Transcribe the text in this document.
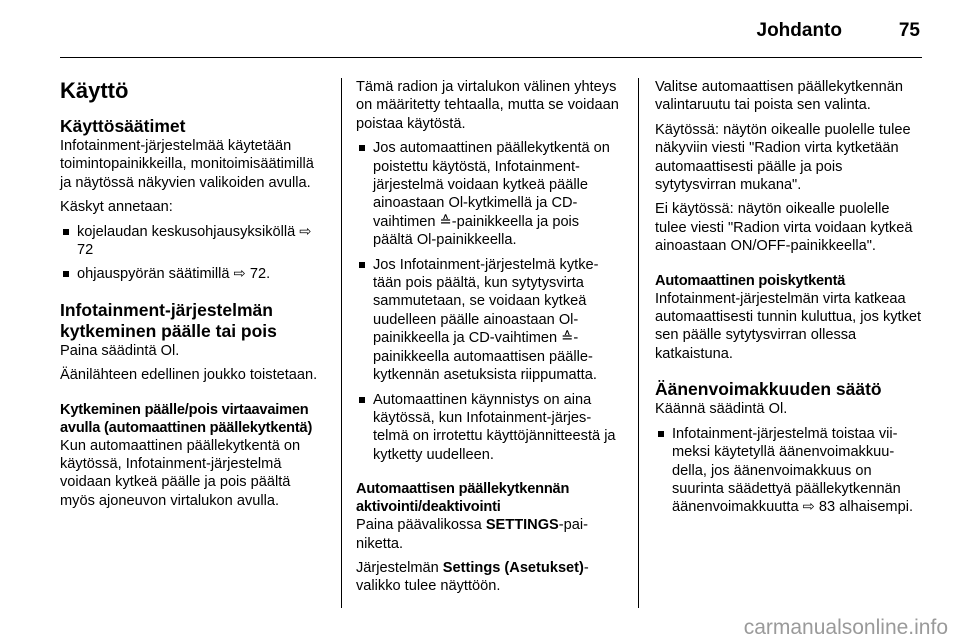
Johdanto	75
Käyttö
Käyttösäätimet

Infotainment-järjestelmää käytetään toimintopainikkeilla, monitoimisäätimillä ja näytössä näkyvien valikoiden avulla.

Käskyt annetaan:

kojelaudan keskusohjausyksiköllä ⇨ 72
ohjauspyörän säätimillä ⇨ 72.
Infotainment-järjestelmän kytkeminen päälle tai pois

Paina säädintä Ol.

Äänilähteen edellinen joukko toistetaan.

Kytkeminen päälle/pois virtaavaimen avulla (automaattinen päällekytkentä)

Kun automaattinen päällekytkentä on käytössä, Infotainment-järjestelmä voidaan kytkeä päälle ja pois päältä myös ajoneuvon virtalukon avulla.

Tämä radion ja virtalukon välinen yhteys on määritetty tehtaalla, mutta se voidaan poistaa käytöstä.

Jos automaattinen päällekytkentä on poistettu käytöstä, Infotainment-järjestelmä voidaan kytkeä päälle ainoastaan Ol-kytkimellä ja CD-vaihtimen ≙-painikkeella ja pois päältä Ol-painikkeella.
Jos Infotainment-järjestelmä kytketään pois päältä, kun sytytysvirta sammutetaan, se voidaan kytkeä uudelleen päälle ainoastaan Ol-painikkeella ja CD-vaihtimen ≙-painikkeella automaattisen päällekytkennän asetuksista riippumatta.
Automaattinen käynnistys on aina käytössä, kun Infotainment-järjestelmä on irrotettu käyttöjännitteestä ja kytketty uudelleen.
Automaattisen päällekytkennän aktivointi/deaktivointi

Paina päävalikossa SETTINGS-painiketta.

Järjestelmän Settings (Asetukset)-valikko tulee näyttöön.

Valitse automaattisen päällekytkennän valintaruutu tai poista sen valinta.

Käytössä: näytön oikealle puolelle tulee näkyviin viesti "Radion virta kytketään automaattisesti päälle ja pois sytytysvirran mukana".

Ei käytössä: näytön oikealle puolelle tulee viesti "Radion virta voidaan kytkeä ainoastaan ON/OFF-painikkeella".

Automaattinen poiskytkentä

Infotainment-järjestelmän virta katkeaa automaattisesti tunnin kuluttua, jos kytket sen päälle sytytysvirran ollessa katkaistuna.

Äänenvoimakkuuden säätö

Käännä säädintä Ol.

Infotainment-järjestelmä toistaa viimeksi käytetyllä äänenvoimakkuudella, jos äänenvoimakkuus on suurinta säädettyä päällekytkennän äänenvoimakkuutta ⇨ 83 alhaisempi.
carmanualsonline.info
